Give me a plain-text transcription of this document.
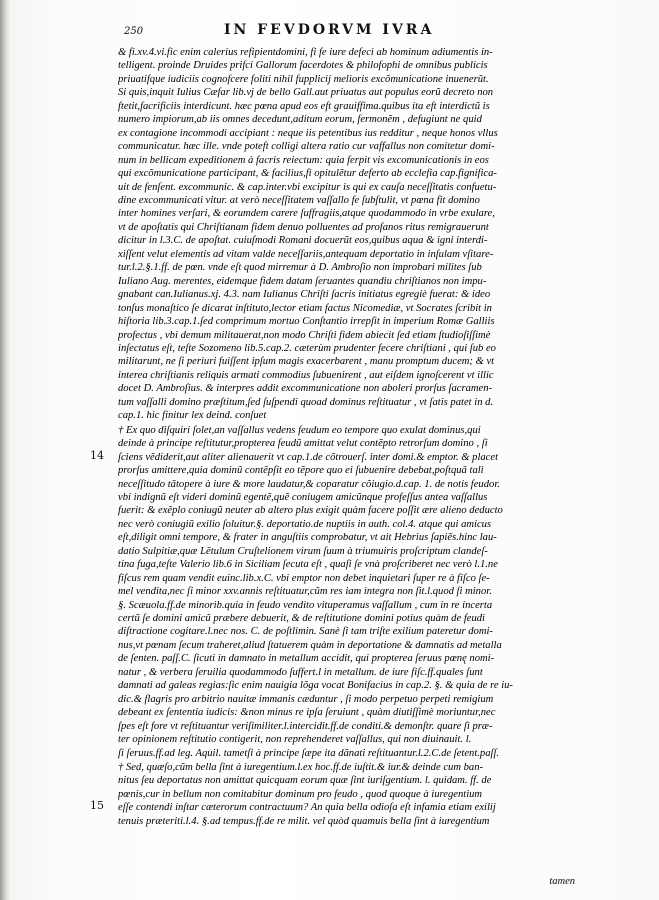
250	IN FEVDORVM IVRA
14
15
& fi.xv.4.vi.fic enim calerius refipientdomini, fi fe iure defeci ab hominum adiumentis in-
telligent. proinde Druides prifci Gallorum facerdotes & philofophi de omnibus publicis
priuatifque iudiciis cognofcere foliti nihil fupplicij melioris excõmunicatione inuenerũt.
Si quis,inquit Iulius Cæfar lib.vj de bello Gall.aut priuatus aut populus eorũ decreto non
ftetit,facrificiis interdicunt. hæc pœna apud eos eft grauiffima.quibus ita eft interdictũ is
numero impiorum,ab iis omnes decedunt,aditum eorum, fermonẽm , defugiunt ne quid
ex contagione incommodi accipiant : neque iis petentibus ius redditur , neque honos vllus
communicatur. hæc ille. vnde poteft colligi altera ratio cur vaffallus non comitetur domi-
num in bellicam expeditionem à facris reiectum: quia ferpit vis excomunicationis in eos
qui excõmunicatione participant, & facilius,fi opitulẽtur deferto ab ecclefia cap.fignifica-
uit de fenſent. excommunic. & cap.inter.vbi excipitur is qui ex cauſa neceſſitatis confuetu-
dine excommunicati vitur. at verò neceſſitatem vaſſallo fe ſubſtulit, vt pœna fit domino
inter homines verſari, & eorumdem carere ſuffragiis,atque quodammodo in vrbe exulare,
vt de apoſtatis qui Chriſtianam fidem denuo polluentes ad profanos ritus remigrauerunt
dicitur in l.3.C. de apoſtat. cuiuſmodi Romani docuerũt eos,quibus aqua & igni interdi-
xiſſent velut elementis ad vitam valde neceſſariis,antequam deportatio in inſulam vſitare-
tur.l.2.§.1.ff. de pœn. vnde eſt quod mirremur à D. Ambroſio non improbari milites ſub
Iuliano Aug. merentes, eidemque fidem datam ſeruantes quandiu chriſtianos non impu-
gnabant can.Iulianus.xj. 4.3. nam Iulianus Chriſti ſacris initiatus egregiè fuerat: & ideo
tonſus monaſtico ſe dicarat inſtituto,lector etiam factus Nicomediæ, vt Socrates ſcribit in
hiſtoria lib.3.cap.1.ſed comprimum mortuo Conſtantio irrepſit in imperium Romæ Galliis
profectus , vbi demum militauerat,non modo Chriſti fidem abiecit ſed etiam ſtudioſiſſimè
inſectatus eſt, teſte Sozomeno lib.5.cap.2. cæterùm prudenter fecere chriſtiani , qui ſub eo
militarunt, ne ſi periuri fuiſſent ipſum magis exacerbarent , manu promptum ducem; & vt
interea chriſtianis reliquis armati commodius ſubuenirent , aut eiſdem ignoſcerent vt illic
docet D. Ambroſius. & interpres addit excommunicatione non aboleri prorſus ſacramen-
tum vaſſalli domino præſtitum,ſed ſuſpendi quoad dominus reſtituatur , vt ſatis patet in d.
cap.1. hic finitur lex deind. conſuet
† Ex quo diſquiri ſolet,an vaſſallus vedens feudum eo tempore quo exulat dominus,qui
deinde à principe reſtitutur,propterea feudũ amittat velut contẽpto retrorſum domino , ſi
ſciens vẽdiderit,aut aliter alienauerit vt cap.1.de cõtrouerſ. inter domi.& emptor. & placet
prorſus amittere,quia dominũ contẽpſit eo tẽpore quo ei ſubuenire debebat,poſtquã tali
neceſſitudo tãtopere à iure & more laudatur,& coparatur cõiugio.d.cap. 1. de notis feudor.
vbi indignũ eſt videri dominũ egentẽ,quẽ coniugem amicũnque profeſſus antea vaſſallus
fuerit: & exẽplo coniugũ neuter ab altero plus exigit quàm facere poſſit ære alieno deducto
nec verò coniugiũ exilio ſoluitur.§. deportatio.de nuptiis in auth. col.4. atque qui amicus
eſt,diligit omni tempore, & frater in anguſtiis comprobatur, vt ait Hebrius ſapiẽs.hinc lau-
datio Sulpitiæ,quæ Lẽtulum Cruſtelionem virum ſuum à triumuiris proſcriptum clandeſ-
tina fuga,teſte Valerio lib.6 in Siciliam ſecuta eſt , quaſi ſe vnà proſcriberet nec verò l.1.ne
fiſcus rem quam vendit euinc.lib.x.C. vbi emptor non debet inquietari ſuper re à fiſco ſe-
mel vendita,nec ſi minor xxv.annis reſtituatur,cũm res iam integra non ſit.l.quod ſi minor.
§. Scæuola.ff.de minorib.quia in feudo vendito vituperamus vaſſallum , cum in re incerta
certũ ſe domini amicũ præbere debuerit, & de reſtitutione domini potius quàm de feudi
diſtractione cogitare.l.nec nos. C. de poſtlimin. Sanè ſi tam triſte exilium pateretur domi-
nus,vt pœnam ſecum traheret,aliud ſtatuerem quàm in deportatione & damnatis ad metalla
de ſenten. paſſ.C. ſicuti in damnato in metallum accidit, qui propterea ſeruus pœnę nomi-
natur , & verbera ſeruilia quodammodo ſuffert.l in metallum. de iure fiſc.ff.quales ſunt
damnati ad galeas regias:ſic enim nauigia lõga vocat Bonifacius in cap.2. §. & quia de re iu-
dic.& flagris pro arbitrio nauitæ immanis cæduntur , ſi modo perpetuo perpeti remigium
debeant ex ſententia iudicis: &non minus re ipſa ſeruiunt , quàm diutiſſimè moriuntur,nec
ſpes eſt fore vt reſtituantur veriſimiliter.l.intercidit.ff.de conditi.& demonſtr. quare ſi præ-
ter opinionem reſtitutio contigerit, non reprehenderet vaſſallus, qui non diuinauit. l.
ſi ſeruus.ff.ad leg. Aquil. tametſi à principe ſæpe ita dãnati reſtituantur.l.2.C.de ſetent.paſſ.
† Sed, quæſo,cũm bella ſint à iuregentium.l.ex hoc.ff.de iuſtit.& iur.& deinde cum ban-
nitus ſeu deportatus non amittat quicquam eorum quæ ſint iuriſgentium. l. quidam. ff. de
pœnis,cur in bellum non comitabitur dominum pro feudo , quod quoque à iuregentium
eſſe contendi inſtar cæterorum contractuum? An quia bella odioſa eſt infamia etiam exilij
tenuis præteriti.l.4. §.ad tempus.ff.de re milit. vel quòd quamuis bella ſint à iuregentium
tamen
